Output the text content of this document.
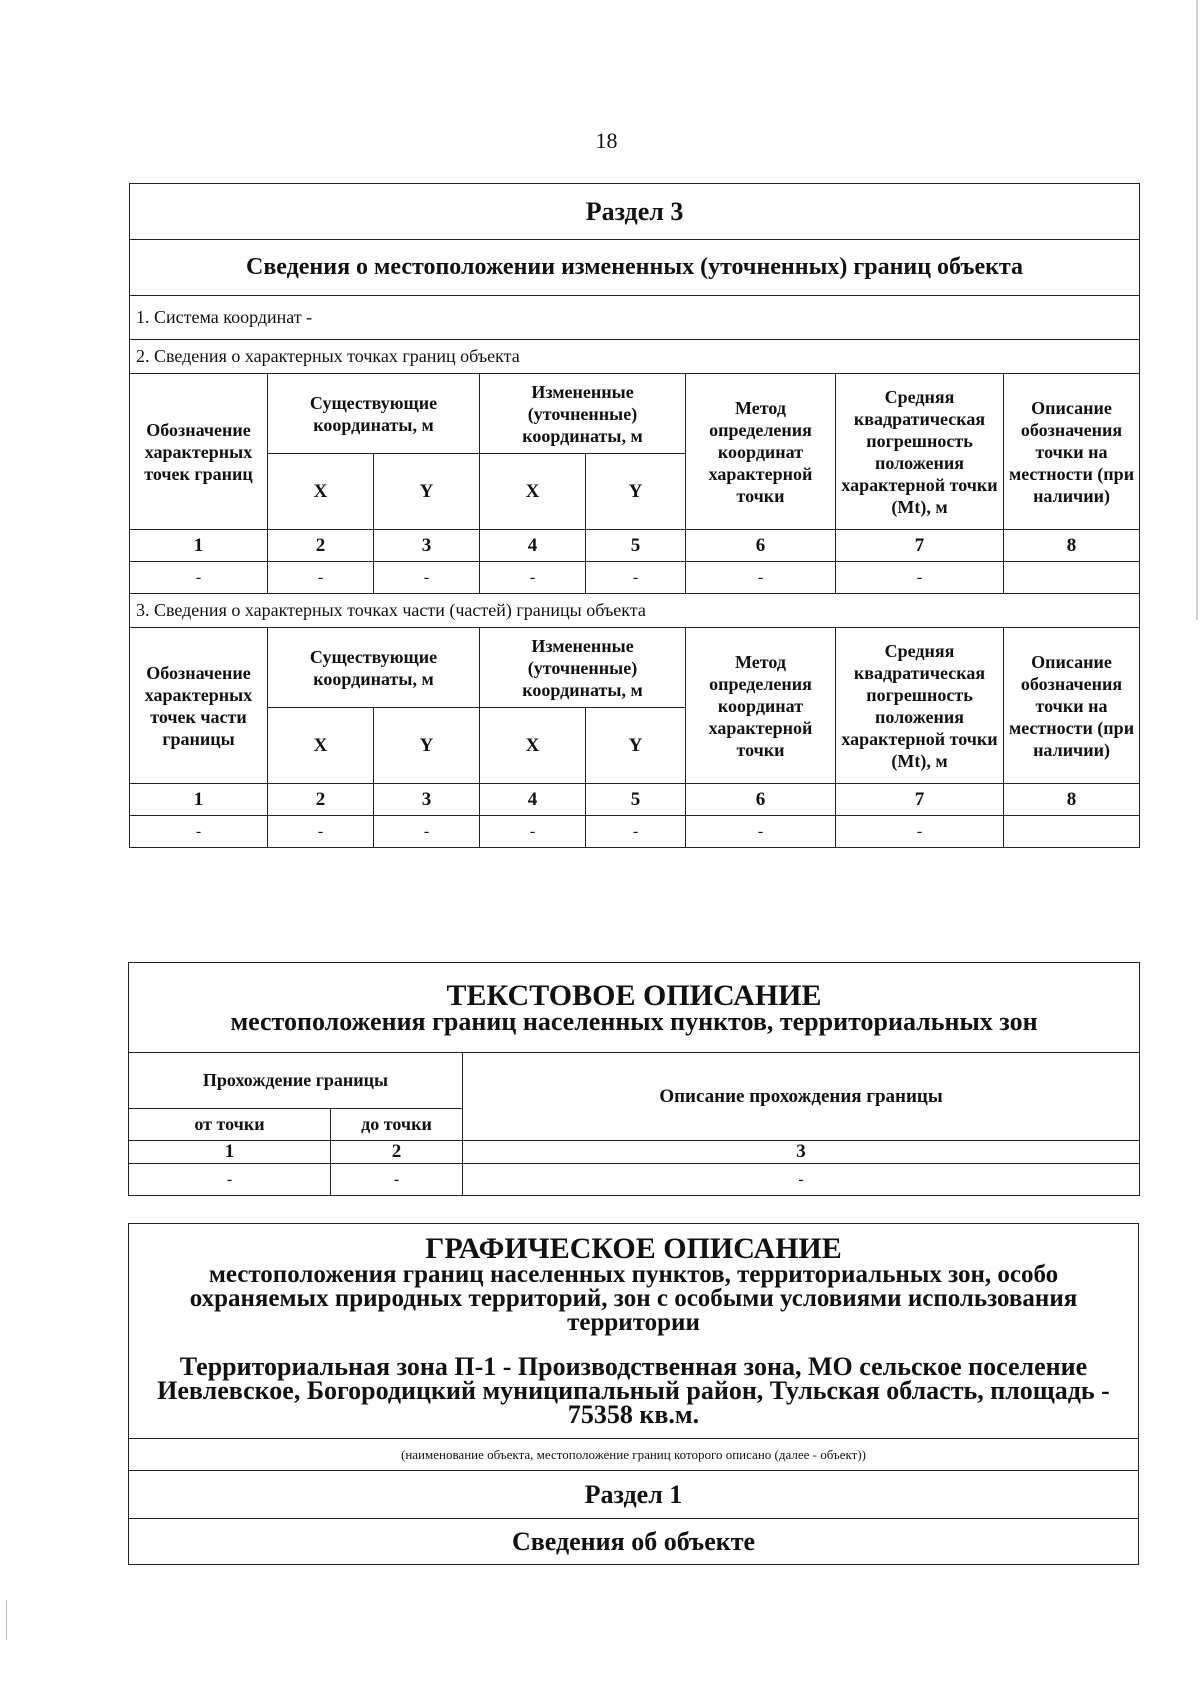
18
Раздел 3							
Сведения о местоположении измененных (уточненных) границ объекта							
1. Система координат -							
2. Сведения о характерных точках границ объекта							
Обозначение характерных точек границ	Существующие координаты, м		Измененные (уточненные) координаты, м		Метод определения координат характерной точки	Средняя квадратическая погрешность положения характерной точки (Mt), м	Описание обозначения точки на местности (при наличии)
	X	Y	X	Y			
1	2	3	4	5	6	7	8
-	-	-	-	-	-	-	
3. Сведения о характерных точках части (частей) границы объекта							
Обозначение характерных точек части границы	Существующие координаты, м		Измененные (уточненные) координаты, м		Метод определения координат характерной точки	Средняя квадратическая погрешность положения характерной точки (Mt), м	Описание обозначения точки на местности (при наличии)
	X	Y	X	Y			
1	2	3	4	5	6	7	8
-	-	-	-	-	-	-	
ТЕКСТОВОЕ ОПИСАНИЕ
местоположения границ населенных пунктов, территориальных зон		

Прохождение границы		Описание прохождения границы
от точки	до точки	
1	2	3
-	-	-
ГРАФИЧЕСКОЕ ОПИСАНИЕ
местоположения границ населенных пунктов, территориальных зон, особо охраняемых природных территорий, зон с особыми условиями использования территории
Территориальная зона П-1 - Производственная зона, МО сельское поселение Иевлевское, Богородицкий муниципальный район, Тульская область, площадь - 75358 кв.м.

(наименование объекта, местоположение границ которого описано (далее - объект))
Раздел 1
Сведения об объекте
